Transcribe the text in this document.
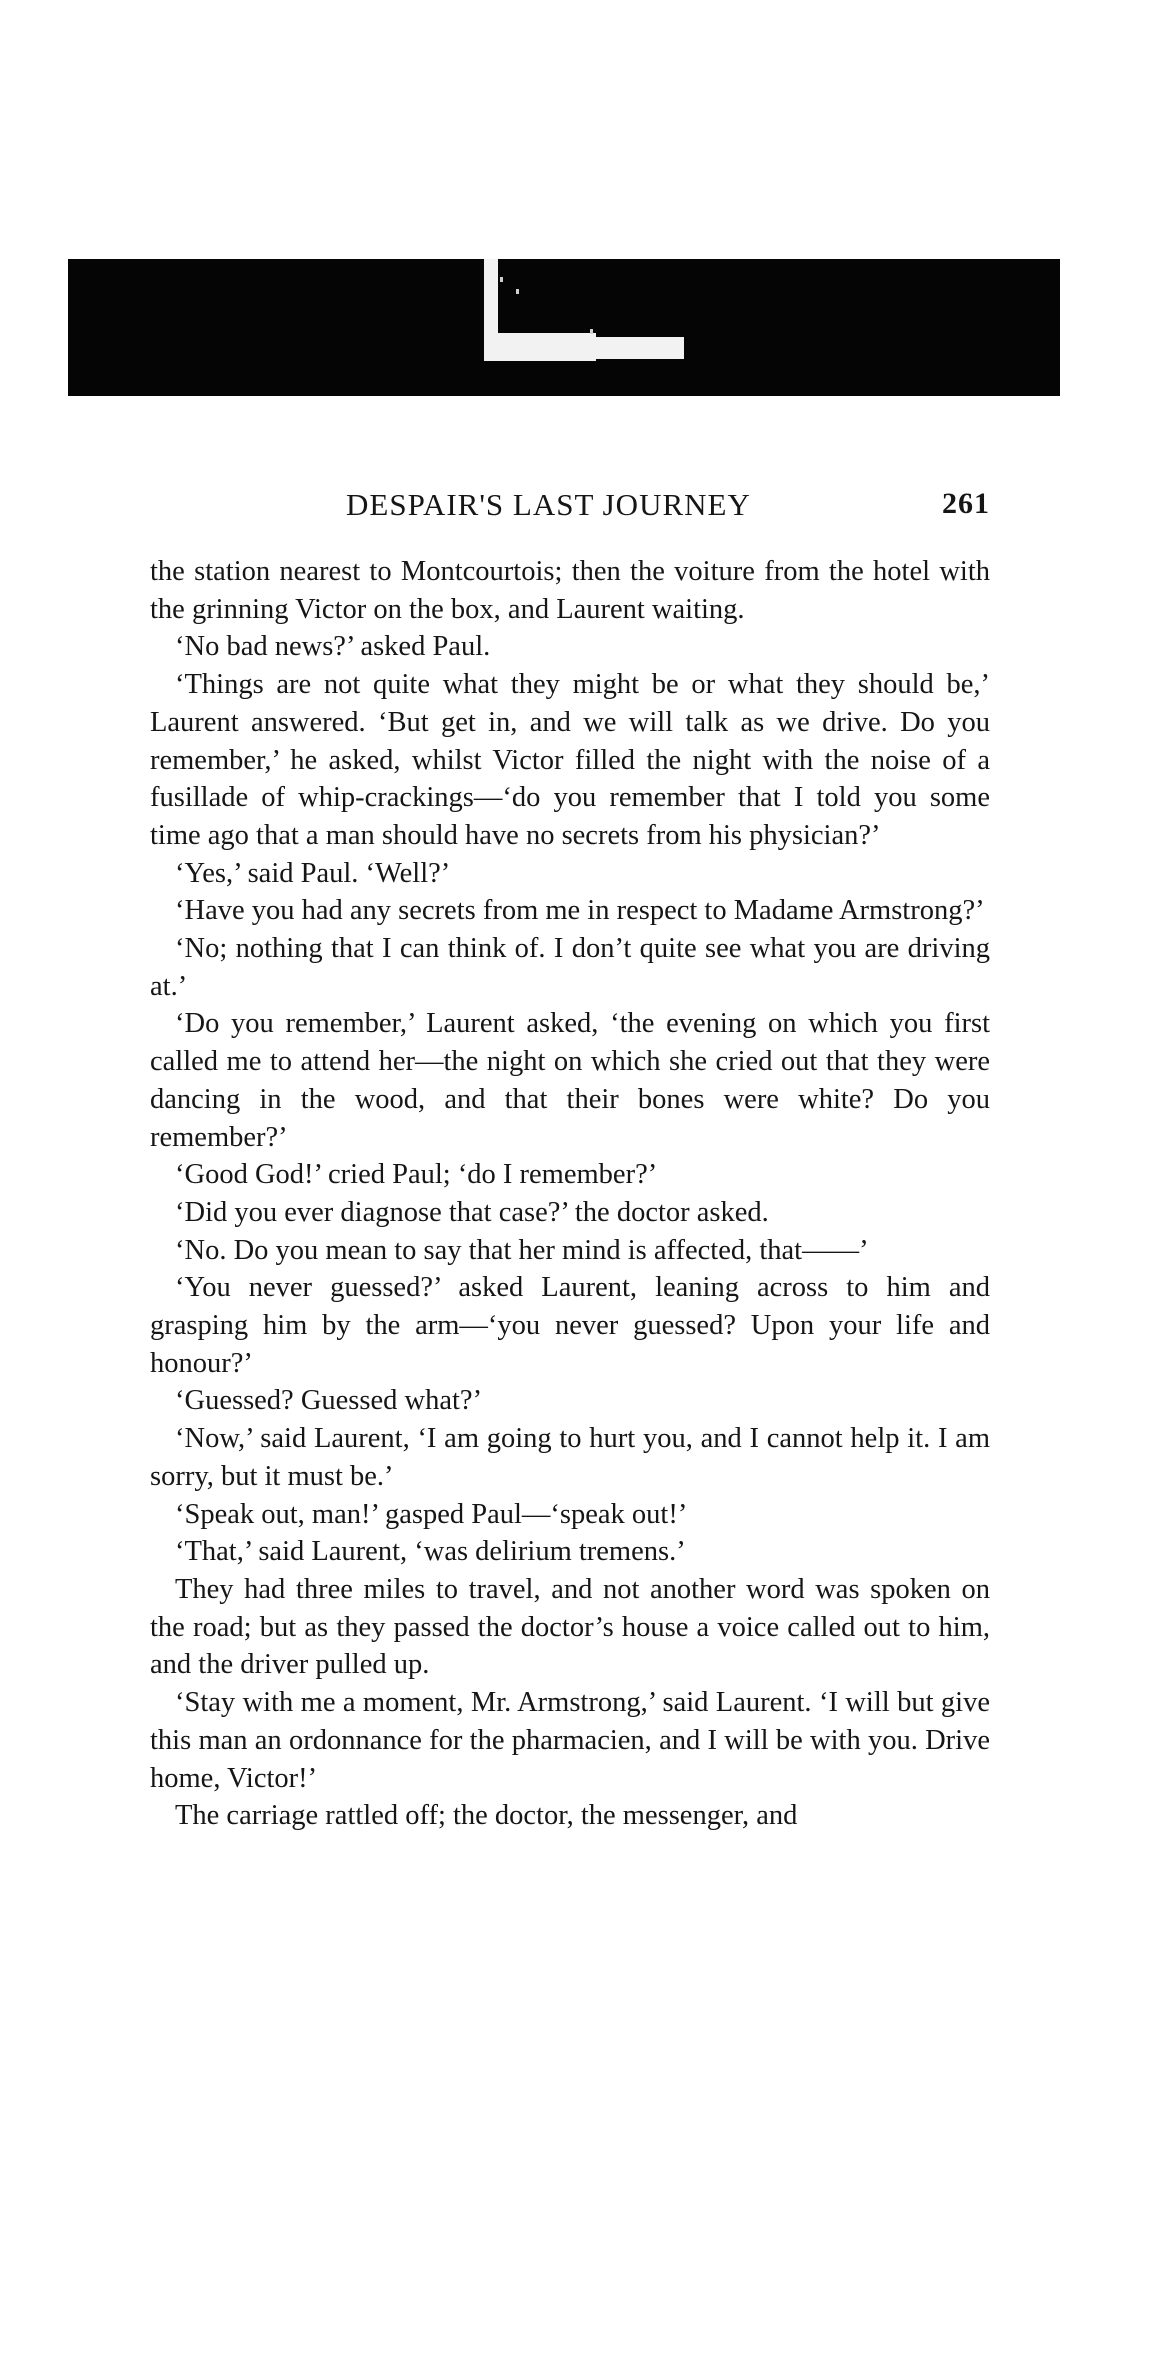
DESPAIR'S LAST JOURNEY	261

the station nearest to Montcourtois; then the voiture from the hotel with the grinning Victor on the box, and Laurent waiting.

‘No bad news?’ asked Paul.

‘Things are not quite what they might be or what they should be,’ Laurent answered. ‘But get in, and we will talk as we drive. Do you remember,’ he asked, whilst Victor filled the night with the noise of a fusillade of whip-crackings—‘do you remember that I told you some time ago that a man should have no secrets from his physician?’

‘Yes,’ said Paul. ‘Well?’

‘Have you had any secrets from me in respect to Madame Armstrong?’

‘No; nothing that I can think of. I don’t quite see what you are driving at.’

‘Do you remember,’ Laurent asked, ‘the evening on which you first called me to attend her—the night on which she cried out that they were dancing in the wood, and that their bones were white? Do you remember?’

‘Good God!’ cried Paul; ‘do I remember?’

‘Did you ever diagnose that case?’ the doctor asked.

‘No. Do you mean to say that her mind is affected, that——’

‘You never guessed?’ asked Laurent, leaning across to him and grasping him by the arm—‘you never guessed? Upon your life and honour?’

‘Guessed? Guessed what?’

‘Now,’ said Laurent, ‘I am going to hurt you, and I cannot help it. I am sorry, but it must be.’

‘Speak out, man!’ gasped Paul—‘speak out!’

‘That,’ said Laurent, ‘was delirium tremens.’

They had three miles to travel, and not another word was spoken on the road; but as they passed the doctor’s house a voice called out to him, and the driver pulled up.

‘Stay with me a moment, Mr. Armstrong,’ said Laurent. ‘I will but give this man an ordonnance for the pharmacien, and I will be with you. Drive home, Victor!’

The carriage rattled off; the doctor, the messenger, and
